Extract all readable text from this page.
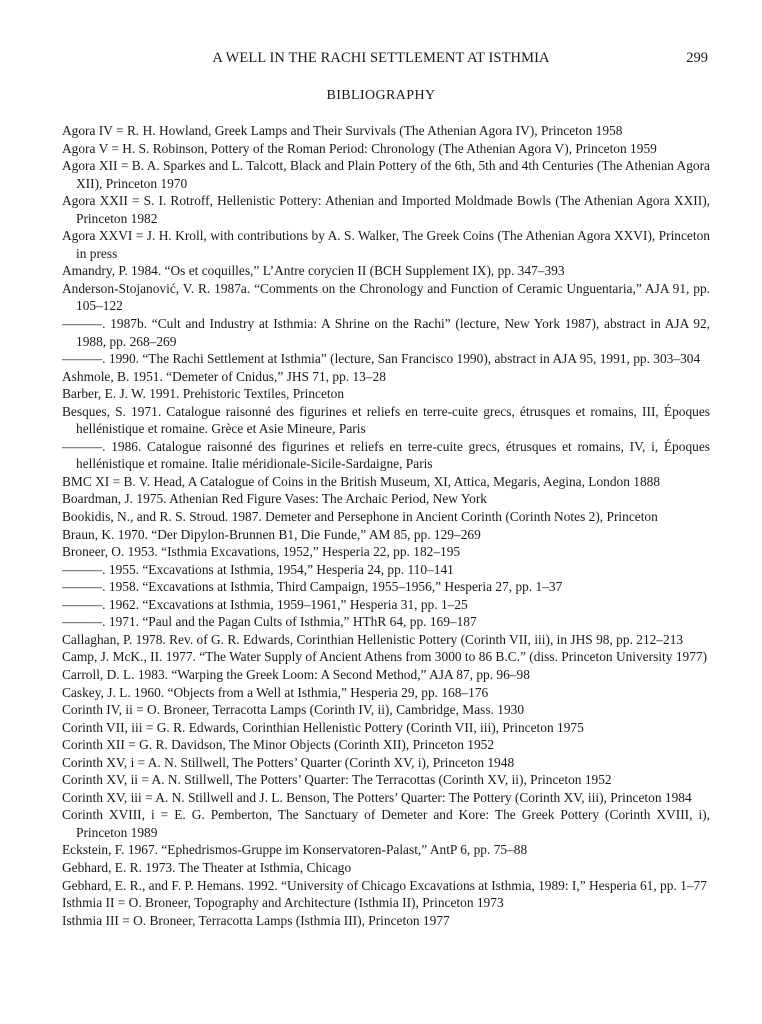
A WELL IN THE RACHI SETTLEMENT AT ISTHMIA	299
BIBLIOGRAPHY

Agora IV = R. H. Howland, Greek Lamps and Their Survivals (The Athenian Agora IV), Princeton 1958

Agora V = H. S. Robinson, Pottery of the Roman Period: Chronology (The Athenian Agora V), Princeton 1959

Agora XII = B. A. Sparkes and L. Talcott, Black and Plain Pottery of the 6th, 5th and 4th Centuries (The Athenian Agora XII), Princeton 1970

Agora XXII = S. I. Rotroff, Hellenistic Pottery: Athenian and Imported Moldmade Bowls (The Athenian Agora XXII), Princeton 1982

Agora XXVI = J. H. Kroll, with contributions by A. S. Walker, The Greek Coins (The Athenian Agora XXVI), Princeton in press

Amandry, P. 1984. “Os et coquilles,” L’Antre corycien II (BCH Supplement IX), pp. 347–393

Anderson-Stojanović, V. R. 1987a. “Comments on the Chronology and Function of Ceramic Unguentaria,” AJA 91, pp. 105–122

———. 1987b. “Cult and Industry at Isthmia: A Shrine on the Rachi” (lecture, New York 1987), abstract in AJA 92, 1988, pp. 268–269

———. 1990. “The Rachi Settlement at Isthmia” (lecture, San Francisco 1990), abstract in AJA 95, 1991, pp. 303–304

Ashmole, B. 1951. “Demeter of Cnidus,” JHS 71, pp. 13–28

Barber, E. J. W. 1991. Prehistoric Textiles, Princeton

Besques, S. 1971. Catalogue raisonné des figurines et reliefs en terre-cuite grecs, étrusques et romains, III, Époques hellénistique et romaine. Grèce et Asie Mineure, Paris

———. 1986. Catalogue raisonné des figurines et reliefs en terre-cuite grecs, étrusques et romains, IV, i, Époques hellénistique et romaine. Italie méridionale-Sicile-Sardaigne, Paris

BMC XI = B. V. Head, A Catalogue of Coins in the British Museum, XI, Attica, Megaris, Aegina, London 1888

Boardman, J. 1975. Athenian Red Figure Vases: The Archaic Period, New York

Bookidis, N., and R. S. Stroud. 1987. Demeter and Persephone in Ancient Corinth (Corinth Notes 2), Princeton

Braun, K. 1970. “Der Dipylon-Brunnen B1, Die Funde,” AM 85, pp. 129–269

Broneer, O. 1953. “Isthmia Excavations, 1952,” Hesperia 22, pp. 182–195

———. 1955. “Excavations at Isthmia, 1954,” Hesperia 24, pp. 110–141

———. 1958. “Excavations at Isthmia, Third Campaign, 1955–1956,” Hesperia 27, pp. 1–37

———. 1962. “Excavations at Isthmia, 1959–1961,” Hesperia 31, pp. 1–25

———. 1971. “Paul and the Pagan Cults of Isthmia,” HThR 64, pp. 169–187

Callaghan, P. 1978. Rev. of G. R. Edwards, Corinthian Hellenistic Pottery (Corinth VII, iii), in JHS 98, pp. 212–213

Camp, J. McK., II. 1977. “The Water Supply of Ancient Athens from 3000 to 86 B.C.” (diss. Princeton University 1977)

Carroll, D. L. 1983. “Warping the Greek Loom: A Second Method,” AJA 87, pp. 96–98

Caskey, J. L. 1960. “Objects from a Well at Isthmia,” Hesperia 29, pp. 168–176

Corinth IV, ii = O. Broneer, Terracotta Lamps (Corinth IV, ii), Cambridge, Mass. 1930

Corinth VII, iii = G. R. Edwards, Corinthian Hellenistic Pottery (Corinth VII, iii), Princeton 1975

Corinth XII = G. R. Davidson, The Minor Objects (Corinth XII), Princeton 1952

Corinth XV, i = A. N. Stillwell, The Potters’ Quarter (Corinth XV, i), Princeton 1948

Corinth XV, ii = A. N. Stillwell, The Potters’ Quarter: The Terracottas (Corinth XV, ii), Princeton 1952

Corinth XV, iii = A. N. Stillwell and J. L. Benson, The Potters’ Quarter: The Pottery (Corinth XV, iii), Princeton 1984

Corinth XVIII, i = E. G. Pemberton, The Sanctuary of Demeter and Kore: The Greek Pottery (Corinth XVIII, i), Princeton 1989

Eckstein, F. 1967. “Ephedrismos-Gruppe im Konservatoren-Palast,” AntP 6, pp. 75–88

Gebhard, E. R. 1973. The Theater at Isthmia, Chicago

Gebhard, E. R., and F. P. Hemans. 1992. “University of Chicago Excavations at Isthmia, 1989: I,” Hesperia 61, pp. 1–77

Isthmia II = O. Broneer, Topography and Architecture (Isthmia II), Princeton 1973

Isthmia III = O. Broneer, Terracotta Lamps (Isthmia III), Princeton 1977
